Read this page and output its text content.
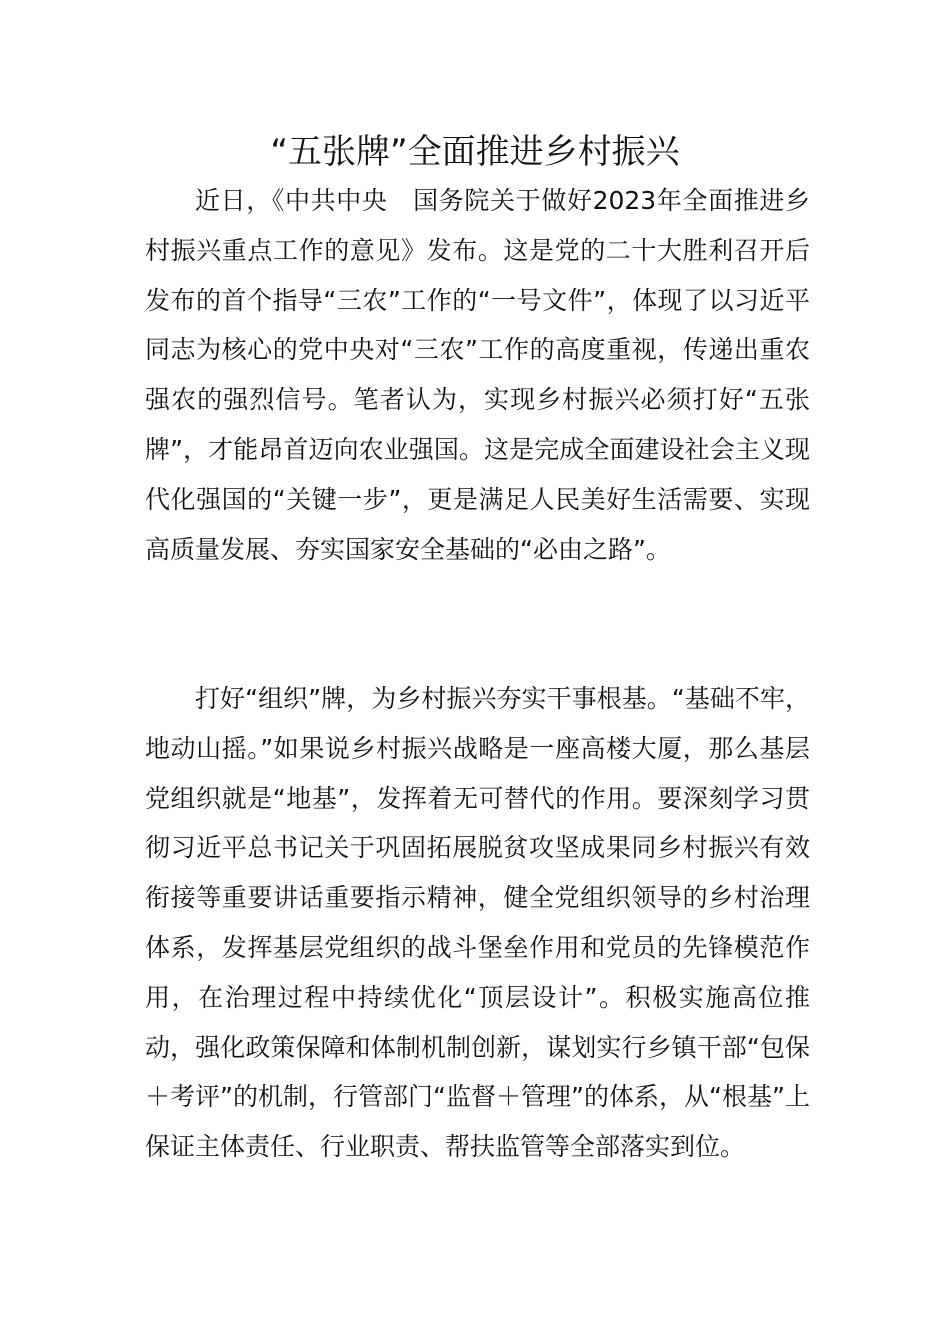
“五张牌”全面推进乡村振兴

近日，《中共中央　国务院关于做好2023年全面推进乡村振兴重点工作的意见》发布。这是党的二十大胜利召开后发布的首个指导“三农”工作的“一号文件”，体现了以习近平同志为核心的党中央对“三农”工作的高度重视，传递出重农强农的强烈信号。笔者认为，实现乡村振兴必须打好“五张牌”，才能昂首迈向农业强国。这是完成全面建设社会主义现代化强国的“关键一步”，更是满足人民美好生活需要、实现高质量发展、夯实国家安全基础的“必由之路”。

打好“组织”牌，为乡村振兴夯实干事根基。“基础不牢，地动山摇。”如果说乡村振兴战略是一座高楼大厦，那么基层党组织就是“地基”，发挥着无可替代的作用。要深刻学习贯彻习近平总书记关于巩固拓展脱贫攻坚成果同乡村振兴有效衔接等重要讲话重要指示精神，健全党组织领导的乡村治理体系，发挥基层党组织的战斗堡垒作用和党员的先锋模范作用，在治理过程中持续优化“顶层设计”。积极实施高位推动，强化政策保障和体制机制创新，谋划实行乡镇干部“包保＋考评”的机制，行管部门“监督＋管理”的体系，从“根基”上保证主体责任、行业职责、帮扶监管等全部落实到位。
